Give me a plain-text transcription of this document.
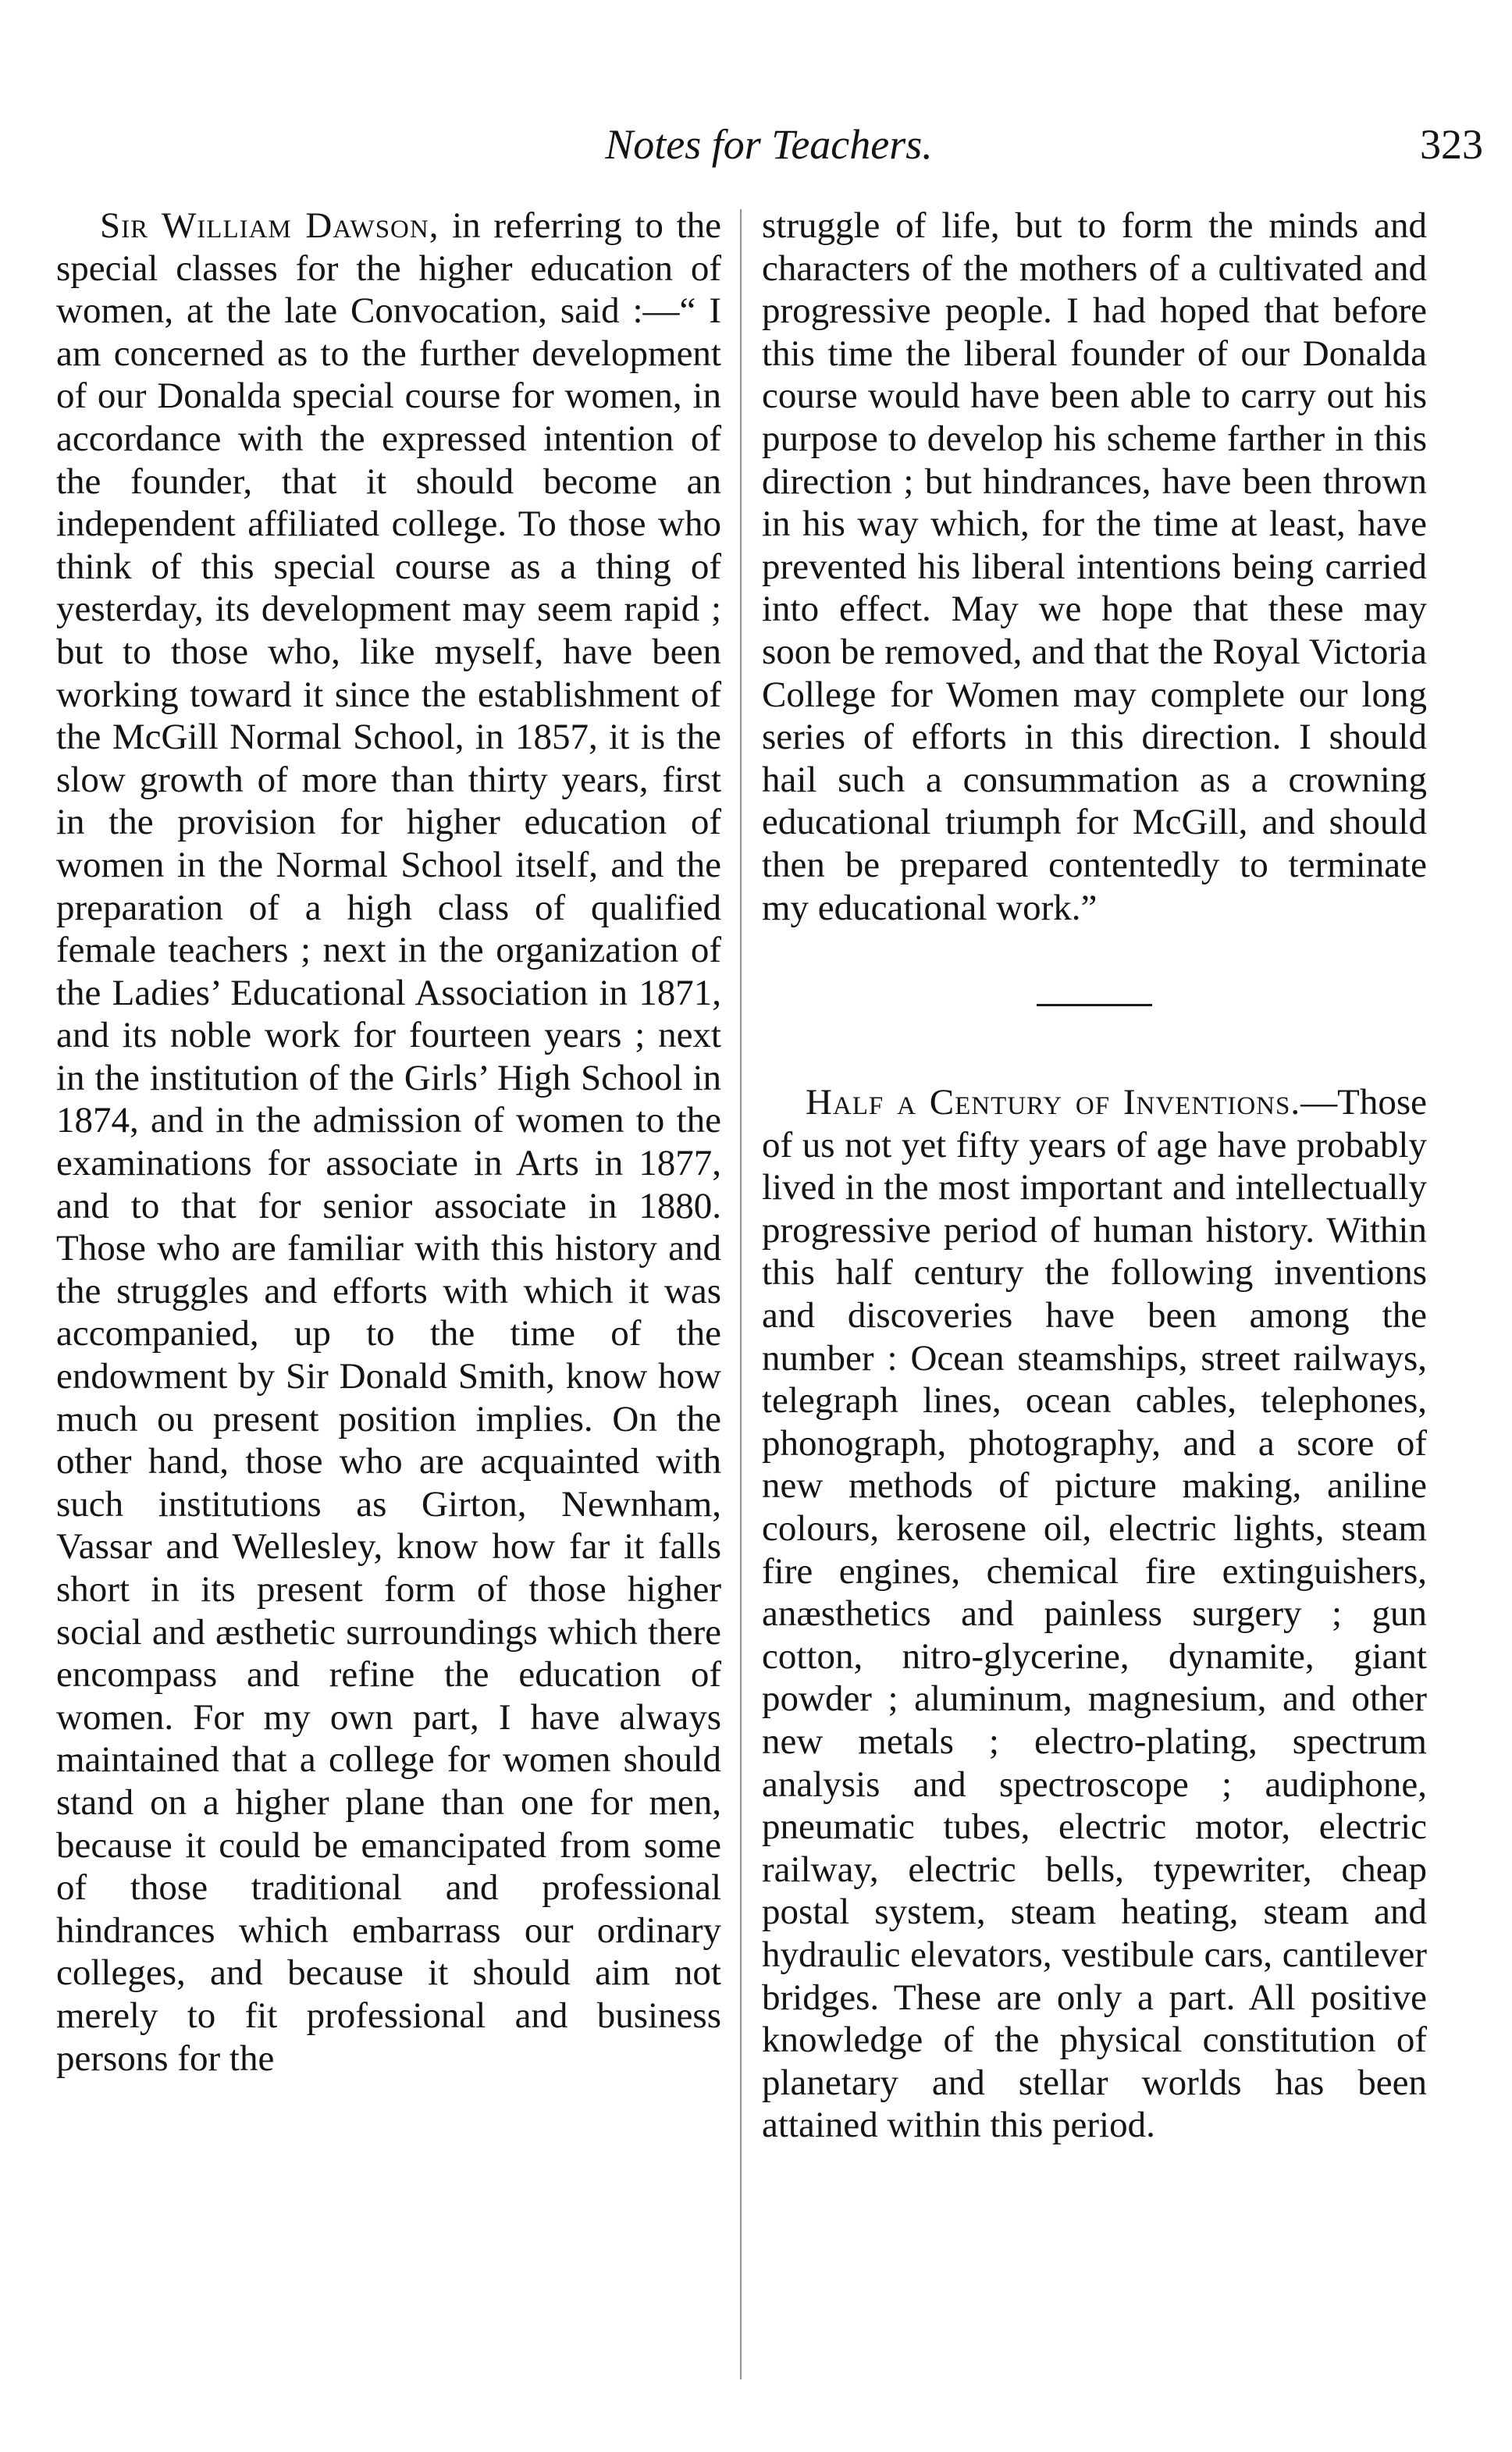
Notes for Teachers.	323

Sir William Dawson, in referring to the special classes for the higher education of women, at the late Convocation, said :—“ I am concerned as to the further development of our Donalda special course for women, in accordance with the expressed intention of the founder, that it should become an independent affiliated college. To those who think of this special course as a thing of yesterday, its development may seem rapid ; but to those who, like myself, have been working toward it since the establishment of the McGill Normal School, in 1857, it is the slow growth of more than thirty years, first in the provision for higher education of women in the Normal School itself, and the preparation of a high class of qualified female teachers ; next in the organization of the Ladies’ Educational Association in 1871, and its noble work for fourteen years ; next in the institution of the Girls’ High School in 1874, and in the admission of women to the examinations for associate in Arts in 1877, and to that for senior associate in 1880. Those who are familiar with this history and the struggles and efforts with which it was accompanied, up to the time of the endowment by Sir Donald Smith, know how much ou present position implies. On the other hand, those who are acquainted with such institutions as Girton, Newnham, Vassar and Wellesley, know how far it falls short in its present form of those higher social and æsthetic surroundings which there encompass and refine the education of women. For my own part, I have always maintained that a college for women should stand on a higher plane than one for men, because it could be emancipated from some of those traditional and professional hindrances which embarrass our ordinary colleges, and because it should aim not merely to fit professional and business persons for the

struggle of life, but to form the minds and characters of the mothers of a cultivated and progressive people. I had hoped that before this time the liberal founder of our Donalda course would have been able to carry out his purpose to develop his scheme farther in this direction ; but hindrances, have been thrown in his way which, for the time at least, have prevented his liberal intentions being carried into effect. May we hope that these may soon be removed, and that the Royal Victoria College for Women may complete our long series of efforts in this direction. I should hail such a consummation as a crowning educational triumph for McGill, and should then be prepared contentedly to terminate my educational work.”

Half a Century of Inventions.—Those of us not yet fifty years of age have probably lived in the most important and intellectually progressive period of human history. Within this half century the following inventions and discoveries have been among the number : Ocean steamships, street railways, telegraph lines, ocean cables, telephones, phonograph, photography, and a score of new methods of picture making, aniline colours, kerosene oil, electric lights, steam fire engines, chemical fire extinguishers, anæsthetics and painless surgery ; gun cotton, nitro-glycerine, dynamite, giant powder ; aluminum, magnesium, and other new metals ; electro-plating, spectrum analysis and spectroscope ; audiphone, pneumatic tubes, electric motor, electric railway, electric bells, typewriter, cheap postal system, steam heating, steam and hydraulic elevators, vestibule cars, cantilever bridges. These are only a part. All positive knowledge of the physical constitution of planetary and stellar worlds has been attained within this period.
